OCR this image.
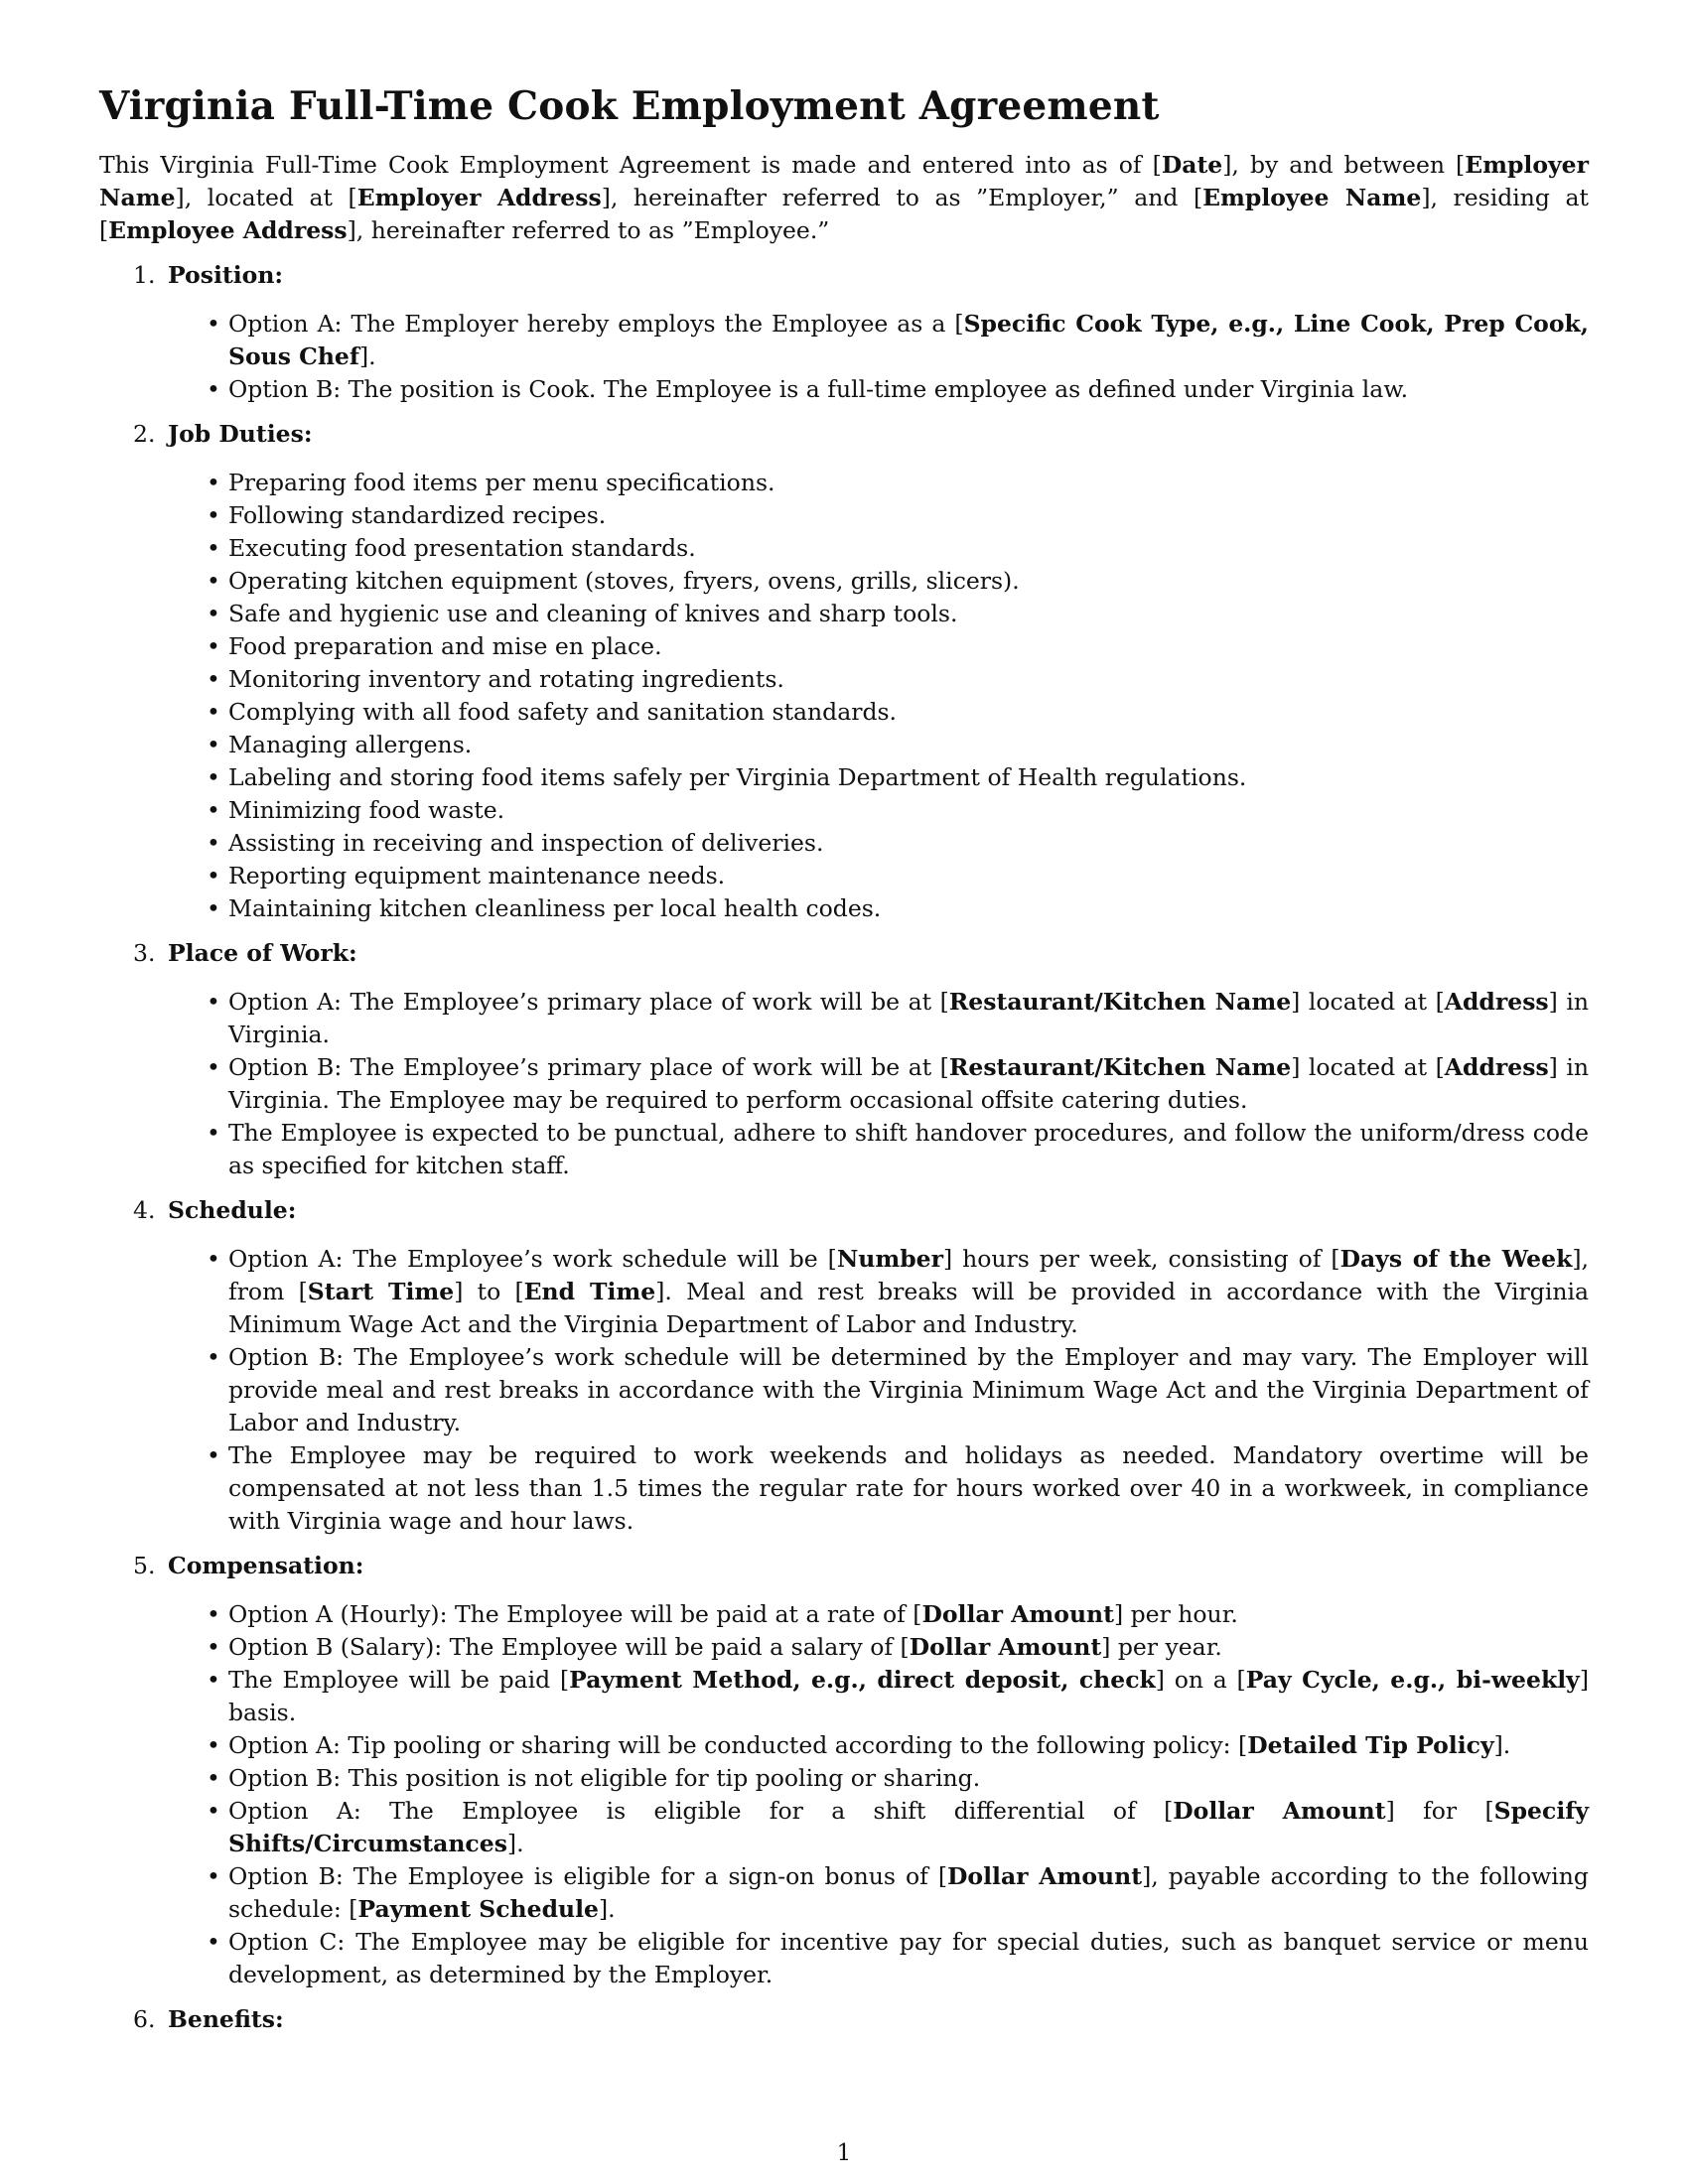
Virginia Full-Time Cook Employment Agreement

This Virginia Full-Time Cook Employment Agreement is made and entered into as of [Date], by and between [Employer Name], located at [Employer Address], hereinafter referred to as ”Employer,” and [Employee Name], residing at [Employee Address], hereinafter referred to as ”Employee.”

1. Position:
• Option A: The Employer hereby employs the Employee as a [Specific Cook Type, e.g., Line Cook, Prep Cook, Sous Chef].
• Option B: The position is Cook. The Employee is a full-time employee as defined under Virginia law.
2. Job Duties:
• Preparing food items per menu specifications.
• Following standardized recipes.
• Executing food presentation standards.
• Operating kitchen equipment (stoves, fryers, ovens, grills, slicers).
• Safe and hygienic use and cleaning of knives and sharp tools.
• Food preparation and mise en place.
• Monitoring inventory and rotating ingredients.
• Complying with all food safety and sanitation standards.
• Managing allergens.
• Labeling and storing food items safely per Virginia Department of Health regulations.
• Minimizing food waste.
• Assisting in receiving and inspection of deliveries.
• Reporting equipment maintenance needs.
• Maintaining kitchen cleanliness per local health codes.
3. Place of Work:
• Option A: The Employee’s primary place of work will be at [Restaurant/Kitchen Name] located at [Address] in Virginia.
• Option B: The Employee’s primary place of work will be at [Restaurant/Kitchen Name] located at [Address] in Virginia. The Employee may be required to perform occasional offsite catering duties.
• The Employee is expected to be punctual, adhere to shift handover procedures, and follow the uniform/dress code as specified for kitchen staff.
4. Schedule:
• Option A: The Employee’s work schedule will be [Number] hours per week, consisting of [Days of the Week], from [Start Time] to [End Time]. Meal and rest breaks will be provided in accordance with the Virginia Minimum Wage Act and the Virginia Department of Labor and Industry.
• Option B: The Employee’s work schedule will be determined by the Employer and may vary. The Employer will provide meal and rest breaks in accordance with the Virginia Minimum Wage Act and the Virginia Department of Labor and Industry.
• The Employee may be required to work weekends and holidays as needed. Mandatory overtime will be compensated at not less than 1.5 times the regular rate for hours worked over 40 in a workweek, in compliance with Virginia wage and hour laws.
5. Compensation:
• Option A (Hourly): The Employee will be paid at a rate of [Dollar Amount] per hour.
• Option B (Salary): The Employee will be paid a salary of [Dollar Amount] per year.
• The Employee will be paid [Payment Method, e.g., direct deposit, check] on a [Pay Cycle, e.g., bi-weekly] basis.
• Option A: Tip pooling or sharing will be conducted according to the following policy: [Detailed Tip Policy].
• Option B: This position is not eligible for tip pooling or sharing.
• Option A: The Employee is eligible for a shift differential of [Dollar Amount] for [Specify Shifts/Circumstances].
• Option B: The Employee is eligible for a sign-on bonus of [Dollar Amount], payable according to the following schedule: [Payment Schedule].
• Option C: The Employee may be eligible for incentive pay for special duties, such as banquet service or menu development, as determined by the Employer.
6. Benefits:
1
